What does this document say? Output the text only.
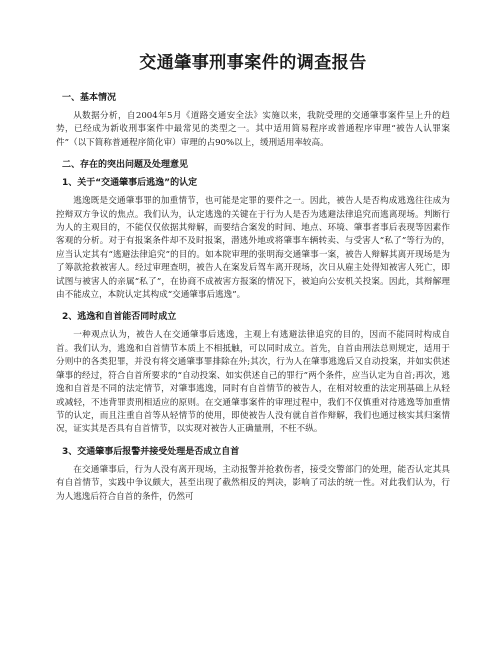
交通肇事刑事案件的调查报告
一、基本情况

从数据分析，自2004年5月《道路交通安全法》实施以来，我院受理的交通肇事案件呈上升的趋势，已经成为新收刑事案件中最常见的类型之一。其中适用简易程序或普通程序审理“被告人认罪案件”（以下简称普通程序简化审）审理的占90%以上，缓刑适用率较高。

二、存在的突出问题及处理意见
1、关于“交通肇事后逃逸”的认定

逃逸既是交通肇事罪的加重情节，也可能是定罪的要件之一。因此，被告人是否构成逃逸往往成为控辩双方争议的焦点。我们认为，认定逃逸的关键在于行为人是否为逃避法律追究而逃离现场。判断行为人的主观目的，不能仅仅依据其辩解，而要结合案发的时间、地点、环境、肇事者事后表现等因素作客观的分析。对于有报案条件却不及时报案，潜逃外地或将肇事车辆转卖、与受害人“私了”等行为的，应当认定其有“逃避法律追究”的目的。如本院审理的张明海交通肇事一案，被告人辩解其离开现场是为了筹款抢救被害人。经过审理查明，被告人在案发后驾车离开现场，次日从雇主处得知被害人死亡，即试图与被害人的亲属“私了”，在协商不成被害方报案的情况下，被迫向公安机关投案。因此，其辩解理由不能成立，本院认定其构成“交通肇事后逃逸”。

2、逃逸和自首能否同时成立

一种观点认为，被告人在交通肇事后逃逸，主观上有逃避法律追究的目的，因而不能同时构成自首。我们认为，逃逸和自首情节本质上不相抵触，可以同时成立。首先，自首由刑法总则规定，适用于分则中的各类犯罪，并没有将交通肇事罪排除在外;其次，行为人在肇事逃逸后又自动投案，并如实供述肇事的经过，符合自首所要求的“自动投案、如实供述自己的罪行”两个条件，应当认定为自首;再次，逃逸和自首是不同的法定情节，对肇事逃逸，同时有自首情节的被告人，在相对较重的法定刑基础上从轻或减轻，不违背罪责刑相适应的原则。在交通肇事案件的审理过程中，我们不仅慎重对待逃逸等加重情节的认定，而且注重自首等从轻情节的使用，即使被告人没有就自首作辩解，我们也通过核实其归案情况，证实其是否具有自首情节，以实现对被告人正确量刑，不枉不纵。

3、交通肇事后报警并接受处理是否成立自首

在交通肇事后，行为人没有离开现场，主动报警并抢救伤者，接受交警部门的处理，能否认定其具有自首情节，实践中争议颇大，甚至出现了截然相反的判决，影响了司法的统一性。对此我们认为，行为人逃逸后符合自首的条件，仍然可
